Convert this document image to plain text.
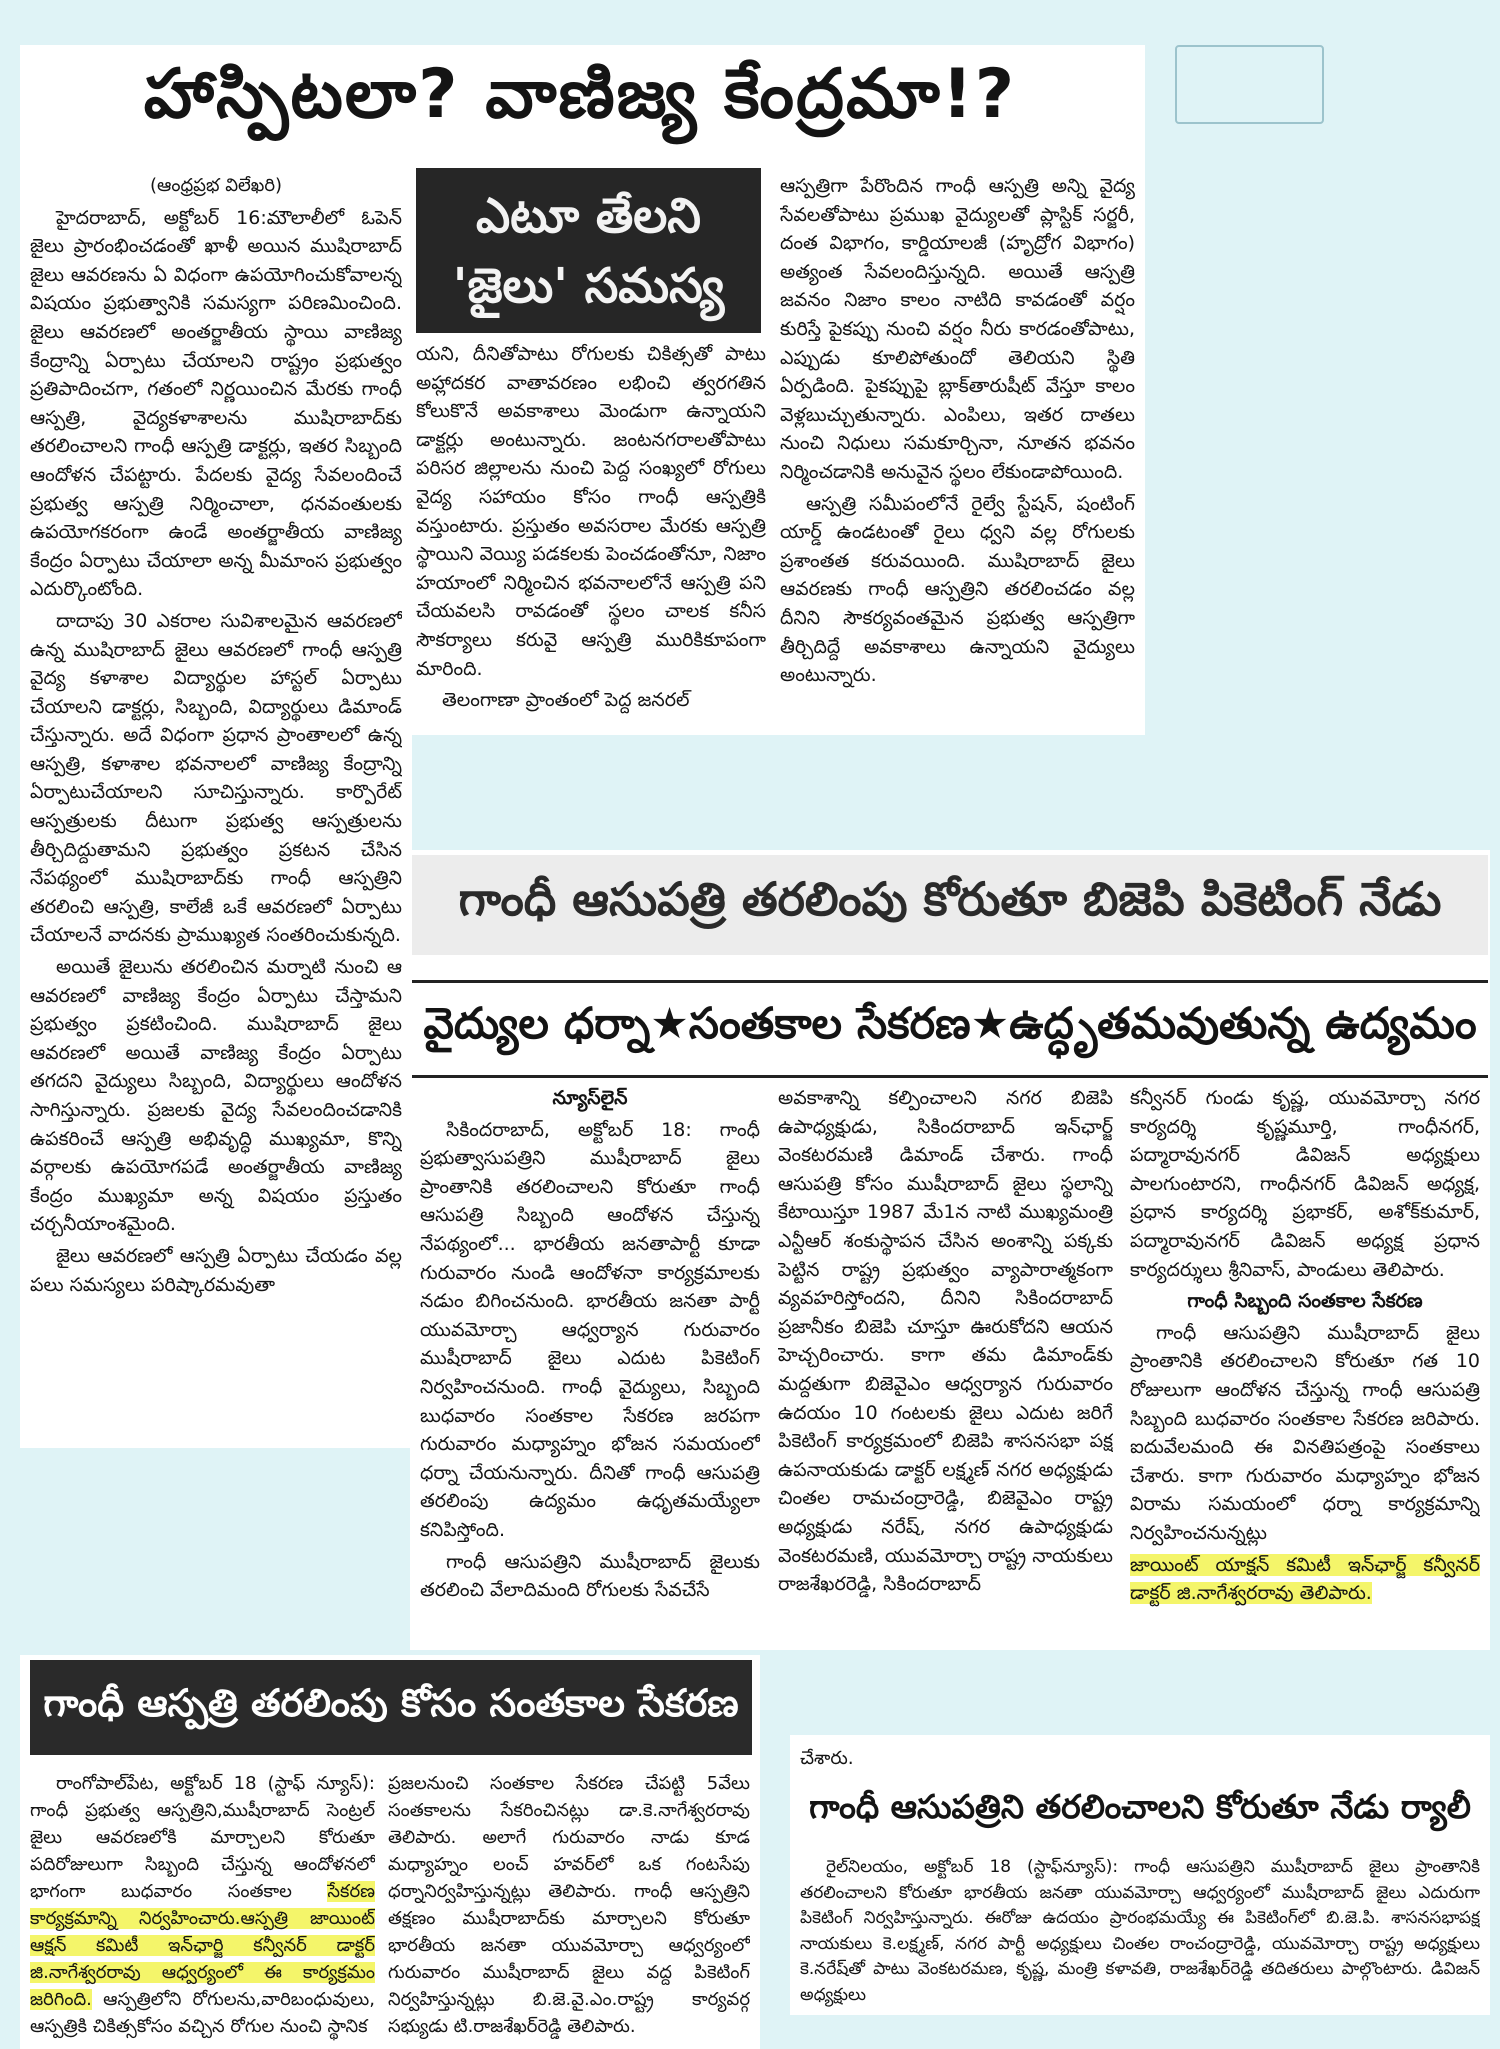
హాస్పిటలా? వాణిజ్య కేంద్రమా!?
ఎటూ తేలని
'జైలు' సమస్య

(ఆంధ్రప్రభ విలేఖరి)

హైదరాబాద్, అక్టోబర్ 16:మౌలాలీలో ఓపెన్ జైలు ప్రారంభించడంతో ఖాళీ అయిన ముషిరాబాద్ జైలు ఆవరణను ఏ విధంగా ఉపయోగించుకోవాలన్న విషయం ప్రభుత్వానికి సమస్యగా పరిణమించింది. జైలు ఆవరణలో అంతర్జాతీయ స్థాయి వాణిజ్య కేంద్రాన్ని ఏర్పాటు చేయాలని రాష్ట్రం ప్రభుత్వం ప్రతిపాదించగా, గతంలో నిర్ణయించిన మేరకు గాంధీ ఆస్పత్రి, వైద్యకళాశాలను ముషిరాబాద్‌కు తరలించాలని గాంధీ ఆస్పత్రి డాక్టర్లు, ఇతర సిబ్బంది ఆందోళన చేపట్టారు. పేదలకు వైద్య సేవలందించే ప్రభుత్వ ఆస్పత్రి నిర్మించాలా, ధనవంతులకు ఉపయోగకరంగా ఉండే అంతర్జాతీయ వాణిజ్య కేంద్రం ఏర్పాటు చేయాలా అన్న మీమాంస ప్రభుత్వం ఎదుర్కొంటోంది.

దాదాపు 30 ఎకరాల సువిశాలమైన ఆవరణలో ఉన్న ముషిరాబాద్ జైలు ఆవరణలో గాంధీ ఆస్పత్రి వైద్య కళాశాల విద్యార్థుల హాస్టల్ ఏర్పాటు చేయాలని డాక్టర్లు, సిబ్బంది, విద్యార్థులు డిమాండ్ చేస్తున్నారు. అదే విధంగా ప్రధాన ప్రాంతాలలో ఉన్న ఆస్పత్రి, కళాశాల భవనాలలో వాణిజ్య కేంద్రాన్ని ఏర్పాటుచేయాలని సూచిస్తున్నారు. కార్పొరేట్ ఆస్పత్రులకు దీటుగా ప్రభుత్వ ఆస్పత్రులను తీర్చిదిద్దుతామని ప్రభుత్వం ప్రకటన చేసిన నేపథ్యంలో ముషిరాబాద్‌కు గాంధీ ఆస్పత్రిని తరలించి ఆస్పత్రి, కాలేజీ ఒకే ఆవరణలో ఏర్పాటు చేయాలనే వాదనకు ప్రాముఖ్యత సంతరించుకున్నది.

అయితే జైలును తరలించిన మర్నాటి నుంచి ఆ ఆవరణలో వాణిజ్య కేంద్రం ఏర్పాటు చేస్తామని ప్రభుత్వం ప్రకటించింది. ముషిరాబాద్ జైలు ఆవరణలో అయితే వాణిజ్య కేంద్రం ఏర్పాటు తగదని వైద్యులు సిబ్బంది, విద్యార్థులు ఆందోళన సాగిస్తున్నారు. ప్రజలకు వైద్య సేవలందించడానికి ఉపకరించే ఆస్పత్రి అభివృద్ధి ముఖ్యమా, కొన్ని వర్గాలకు ఉపయోగపడే అంతర్జాతీయ వాణిజ్య కేంద్రం ముఖ్యమా అన్న విషయం ప్రస్తుతం చర్చనీయాంశమైంది.

జైలు ఆవరణలో ఆస్పత్రి ఏర్పాటు చేయడం వల్ల పలు సమస్యలు పరిష్కారమవుతా

యని, దీనితోపాటు రోగులకు చికిత్సతో పాటు అహ్లాదకర వాతావరణం లభించి త్వరగతిన కోలుకొనే అవకాశాలు మెండుగా ఉన్నాయని డాక్టర్లు అంటున్నారు. జంటనగరాలతోపాటు పరిసర జిల్లాలను నుంచి పెద్ద సంఖ్యలో రోగులు వైద్య సహాయం కోసం గాంధీ ఆస్పత్రికి వస్తుంటారు. ప్రస్తుతం అవసరాల మేరకు ఆస్పత్రి స్థాయిని వెయ్యి పడకలకు పెంచడంతోనూ, నిజాం హయాంలో నిర్మించిన భవనాలలోనే ఆస్పత్రి పని చేయవలసి రావడంతో స్థలం చాలక కనీస సౌకర్యాలు కరువై ఆస్పత్రి మురికికూపంగా మారింది.

తెలంగాణా ప్రాంతంలో పెద్ద జనరల్

ఆస్పత్రిగా పేరొందిన గాంధీ ఆస్పత్రి అన్ని వైద్య సేవలతోపాటు ప్రముఖ వైద్యులతో ప్లాస్టిక్ సర్జరీ, దంత విభాగం, కార్డియాలజీ (హృద్రోగ విభాగం) అత్యంత సేవలందిస్తున్నది. అయితే ఆస్పత్రి జవనం నిజాం కాలం నాటిది కావడంతో వర్షం కురిస్తే పైకప్పు నుంచి వర్షం నీరు కారడంతోపాటు, ఎప్పుడు కూలిపోతుందో తెలియని స్థితి ఏర్పడింది. పైకప్పుపై బ్లాక్‌తారుషీట్ వేస్తూ కాలం వెళ్లబుచ్చుతున్నారు. ఎంపిలు, ఇతర దాతలు నుంచి నిధులు సమకూర్చినా, నూతన భవనం నిర్మించడానికి అనువైన స్థలం లేకుండాపోయింది.

ఆస్పత్రి సమీపంలోనే రైల్వే స్టేషన్, షంటింగ్ యార్డ్ ఉండటంతో రైలు ధ్వని వల్ల రోగులకు ప్రశాంతత కరువయింది. ముషిరాబాద్ జైలు ఆవరణకు గాంధీ ఆస్పత్రిని తరలించడం వల్ల దీనిని సౌకర్యవంతమైన ప్రభుత్వ ఆస్పత్రిగా తీర్చిదిద్దే అవకాశాలు ఉన్నాయని వైద్యులు అంటున్నారు.

గాంధీ ఆసుపత్రి తరలింపు కోరుతూ బిజెపి పికెటింగ్ నేడు
వైద్యుల ధర్నా★సంతకాల సేకరణ★ఉద్ధృతమవుతున్న ఉద్యమం

న్యూస్‌లైన్

సికిందరాబాద్, అక్టోబర్ 18: గాంధీ ప్రభుత్వాసుపత్రిని ముషీరాబాద్ జైలు ప్రాంతానికి తరలించాలని కోరుతూ గాంధీ ఆసుపత్రి సిబ్బంది ఆందోళన చేస్తున్న నేపథ్యంలో... భారతీయ జనతాపార్టీ కూడా గురువారం నుండి ఆందోళనా కార్యక్రమాలకు నడుం బిగించనుంది. భారతీయ జనతా పార్టీ యువమోర్చా ఆధ్వర్యాన గురువారం ముషీరాబాద్ జైలు ఎదుట పికెటింగ్ నిర్వహించనుంది. గాంధీ వైద్యులు, సిబ్బంది బుధవారం సంతకాల సేకరణ జరపగా గురువారం మధ్యాహ్నం భోజన సమయంలో ధర్నా చేయనున్నారు. దీనితో గాంధీ ఆసుపత్రి తరలింపు ఉద్యమం ఉధృతమయ్యేలా కనిపిస్తోంది.

గాంధీ ఆసుపత్రిని ముషీరాబాద్ జైలుకు తరలించి వేలాదిమంది రోగులకు సేవచేసే

అవకాశాన్ని కల్పించాలని నగర బిజెపి ఉపాధ్యక్షుడు, సికిందరాబాద్ ఇన్‌ఛార్జ్ వెంకటరమణి డిమాండ్ చేశారు. గాంధీ ఆసుపత్రి కోసం ముషీరాబాద్ జైలు స్థలాన్ని కేటాయిస్తూ 1987 మే1న నాటి ముఖ్యమంత్రి ఎన్టీఆర్ శంకుస్థాపన చేసిన అంశాన్ని పక్కకు పెట్టిన రాష్ట్ర ప్రభుత్వం వ్యాపారాత్మకంగా వ్యవహరిస్తోందని, దీనిని సికిందరాబాద్ ప్రజానీకం బిజెపి చూస్తూ ఊరుకోదని ఆయన హెచ్చరించారు. కాగా తమ డిమాండ్‌కు మద్దతుగా బిజెవైఎం ఆధ్వర్యాన గురువారం ఉదయం 10 గంటలకు జైలు ఎదుట జరిగే పికెటింగ్ కార్యక్రమంలో బిజెపి శాసనసభా పక్ష ఉపనాయకుడు డాక్టర్ లక్ష్మణ్ నగర అధ్యక్షుడు చింతల రామచంద్రారెడ్డి, బిజెవైఎం రాష్ట్ర అధ్యక్షుడు నరేష్, నగర ఉపాధ్యక్షుడు వెంకటరమణి, యువమోర్చా రాష్ట్ర నాయకులు రాజశేఖరరెడ్డి, సికిందరాబాద్

కన్వీనర్ గుండు కృష్ణ, యువమోర్చా నగర కార్యదర్శి కృష్ణమూర్తి, గాంధీనగర్, పద్మారావునగర్ డివిజన్ అధ్యక్షులు పాలగుంటారని, గాంధీనగర్ డివిజన్ అధ్యక్ష, ప్రధాన కార్యదర్శి ప్రభాకర్, అశోక్‌కుమార్, పద్మారావునగర్ డివిజన్ అధ్యక్ష ప్రధాన కార్యదర్శులు శ్రీనివాస్, పాండులు తెలిపారు.

గాంధీ సిబ్బంది సంతకాల సేకరణ

గాంధీ ఆసుపత్రిని ముషీరాబాద్ జైలు ప్రాంతానికి తరలించాలని కోరుతూ గత 10 రోజులుగా ఆందోళన చేస్తున్న గాంధీ ఆసుపత్రి సిబ్బంది బుధవారం సంతకాల సేకరణ జరిపారు. ఐదువేలమంది ఈ వినతిపత్రంపై సంతకాలు చేశారు. కాగా గురువారం మధ్యాహ్నం భోజన విరామ సమయంలో ధర్నా కార్యక్రమాన్ని నిర్వహించనున్నట్లు

జాయింట్ యాక్షన్ కమిటీ ఇన్‌ఛార్జ్ కన్వీనర్ డాక్టర్ జి.నాగేశ్వరరావు తెలిపారు.

గాంధీ ఆస్పత్రి తరలింపు కోసం సంతకాల సేకరణ

రాంగోపాల్‌పేట, అక్టోబర్ 18 (స్టాఫ్ న్యూస్): గాంధీ ప్రభుత్వ ఆస్పత్రిని,ముషీరాబాద్ సెంట్రల్ జైలు ఆవరణలోకి మార్చాలని కోరుతూ పదిరోజులుగా సిబ్బంది చేస్తున్న ఆందోళనలో భాగంగా బుధవారం సంతకాల సేకరణ కార్యక్రమాన్ని నిర్వహించారు.ఆస్పత్రి జాయింట్ ఆక్షన్ కమిటీ ఇన్‌ఛార్జి కన్వీనర్ డాక్టర్ జి.నాగేశ్వరరావు ఆధ్వర్యంలో ఈ కార్యక్రమం జరిగింది. ఆస్పత్రిలోని రోగులను,వారిబంధువులు, ఆస్పత్రికి చికిత్సకోసం వచ్చిన రోగుల నుంచి స్థానిక

ప్రజలనుంచి సంతకాల సేకరణ చేపట్టి 5వేలు సంతకాలను సేకరించినట్లు డా.కె.నాగేశ్వరరావు తెలిపారు. అలాగే గురువారం నాడు కూడ మధ్యాహ్నం లంచ్ హవర్‌లో ఒక గంటసేపు ధర్నానిర్వహిస్తున్నట్లు తెలిపారు. గాంధీ ఆస్పత్రిని తక్షణం ముషీరాబాద్‌కు మార్చాలని కోరుతూ భారతీయ జనతా యువమోర్చా ఆధ్వర్యంలో గురువారం ముషీరాబాద్ జైలు వద్ద పికెటింగ్ నిర్వహిస్తున్నట్లు బి.జె.వై.ఎం.రాష్ట్ర కార్యవర్గ సభ్యుడు టి.రాజశేఖర్‌రెడ్డి తెలిపారు.

చేశారు.

గాంధీ ఆసుపత్రిని తరలించాలని కోరుతూ నేడు ర్యాలీ

రైల్‌నిలయం, అక్టోబర్ 18 (స్టాఫ్‌న్యూస్): గాంధీ ఆసుపత్రిని ముషీరాబాద్ జైలు ప్రాంతానికి తరలించాలని కోరుతూ భారతీయ జనతా యువమోర్చా ఆధ్వర్యంలో ముషీరాబాద్ జైలు ఎదురుగా పికెటింగ్ నిర్వహిస్తున్నారు. ఈరోజు ఉదయం ప్రారంభమయ్యే ఈ పికెటింగ్‌లో బి.జె.పి. శాసనసభాపక్ష నాయకులు కె.లక్ష్మణ్, నగర పార్టీ అధ్యక్షులు చింతల రాంచంద్రారెడ్డి, యువమోర్చా రాష్ట్ర అధ్యక్షులు కె.నరేష్‌తో పాటు వెంకటరమణ, కృష్ణ, మంత్రి కళావతి, రాజశేఖర్‌రెడ్డి తదితరులు పాల్గొంటారు. డివిజన్ అధ్యక్షులు
